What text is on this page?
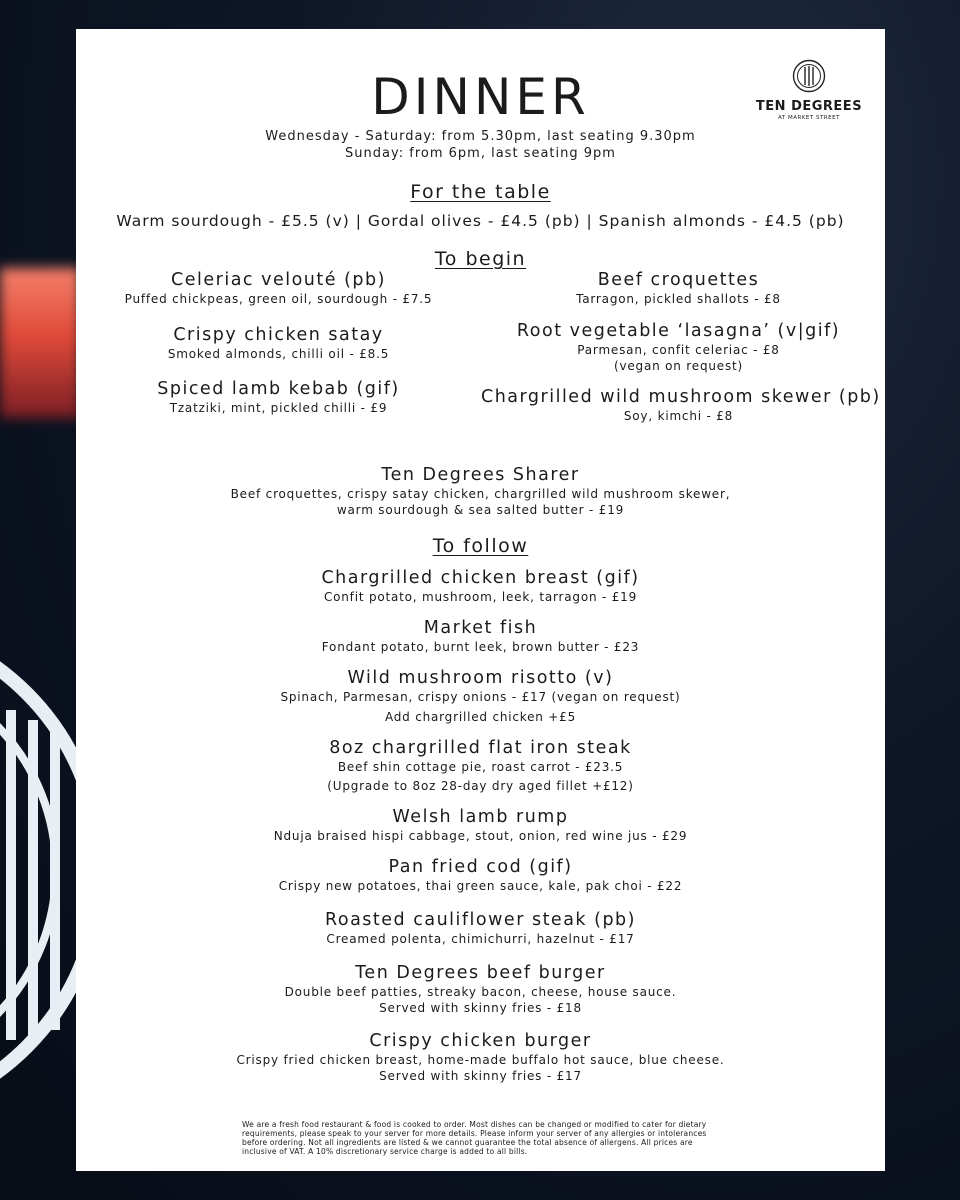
TEN DEGREES
AT MARKET STREET
DINNER
Wednesday - Saturday: from 5.30pm, last seating 9.30pm
Sunday: from 6pm, last seating 9pm
For the table
Warm sourdough - £5.5 (v) | Gordal olives - £4.5 (pb) | Spanish almonds - £4.5 (pb)
To begin
Celeriac velouté (pb)
Puffed chickpeas, green oil, sourdough - £7.5
Crispy chicken satay
Smoked almonds, chilli oil - £8.5
Spiced lamb kebab (gif)
Tzatziki, mint, pickled chilli - £9
Beef croquettes
Tarragon, pickled shallots - £8
Root vegetable ‘lasagna’ (v|gif)
Parmesan, confit celeriac - £8
(vegan on request)
Chargrilled wild mushroom skewer (pb)
Soy, kimchi - £8
Ten Degrees Sharer
Beef croquettes, crispy satay chicken, chargrilled wild mushroom skewer,
warm sourdough & sea salted butter - £19
To follow
Chargrilled chicken breast (gif)
Confit potato, mushroom, leek, tarragon - £19
Market fish
Fondant potato, burnt leek, brown butter - £23
Wild mushroom risotto (v)
Spinach, Parmesan, crispy onions - £17 (vegan on request)
Add chargrilled chicken +£5
8oz chargrilled flat iron steak
Beef shin cottage pie, roast carrot - £23.5
(Upgrade to 8oz 28-day dry aged fillet +£12)
Welsh lamb rump
Nduja braised hispi cabbage, stout, onion, red wine jus - £29
Pan fried cod (gif)
Crispy new potatoes, thai green sauce, kale, pak choi - £22
Roasted cauliflower steak (pb)
Creamed polenta, chimichurri, hazelnut - £17
Ten Degrees beef burger
Double beef patties, streaky bacon, cheese, house sauce.
Served with skinny fries - £18
Crispy chicken burger
Crispy fried chicken breast, home-made buffalo hot sauce, blue cheese.
Served with skinny fries - £17
We are a fresh food restaurant & food is cooked to order. Most dishes can be changed or modified to cater for dietary requirements, please speak to your server for more details. Please inform your server of any allergies or intolerances before ordering. Not all ingredients are listed & we cannot guarantee the total absence of allergens. All prices are inclusive of VAT. A 10% discretionary service charge is added to all bills.
